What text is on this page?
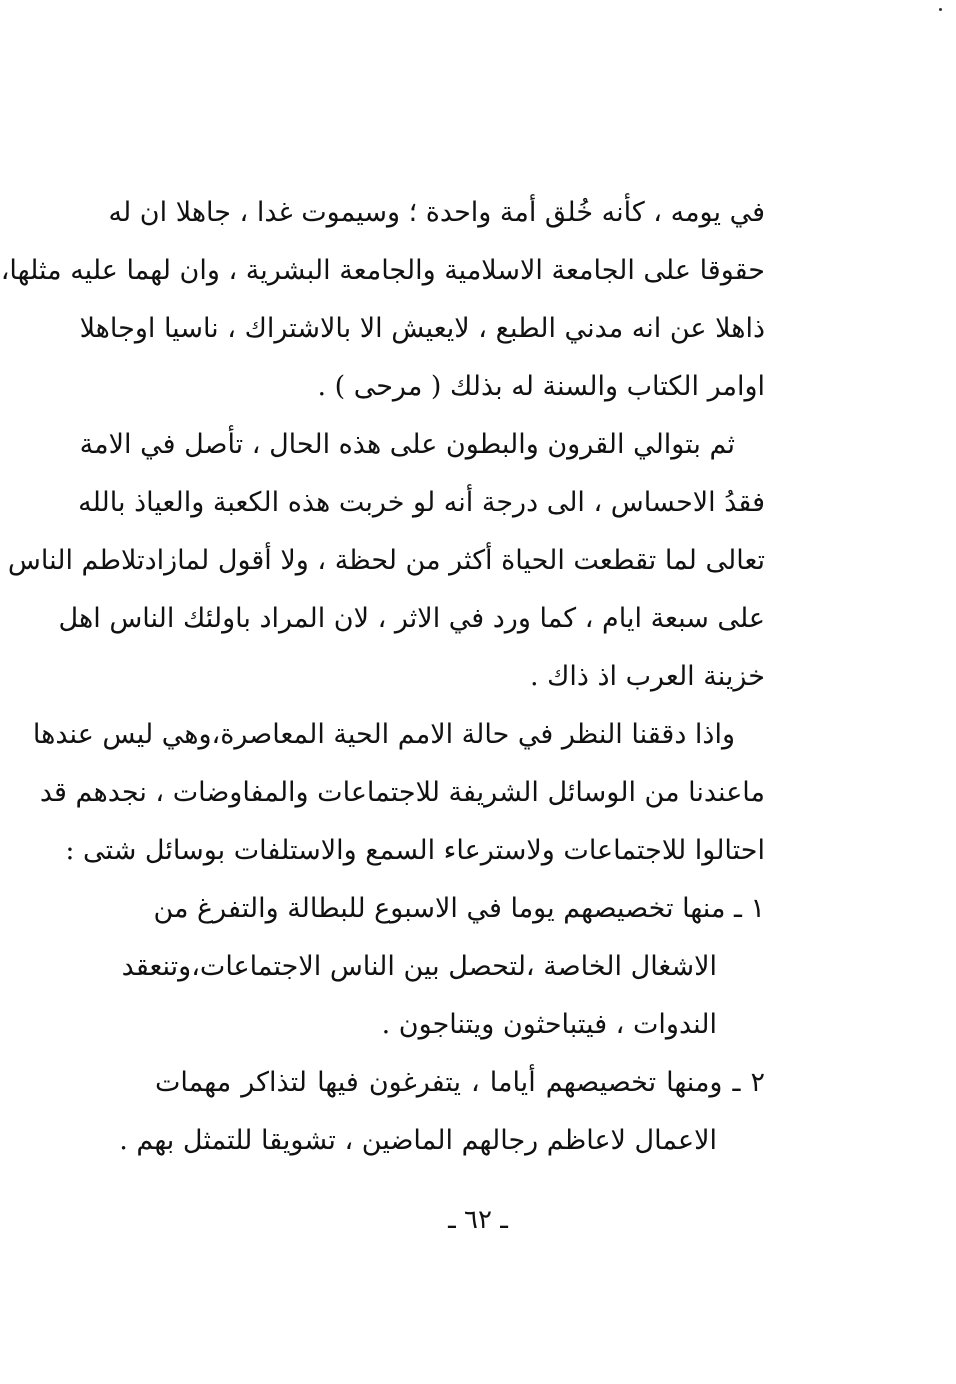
في يومه ، كأنه خُلق أمة واحدة ؛ وسيموت غدا ، جاهلا ان له
حقوقا على الجامعة الاسلامية والجامعة البشرية ، وان لهما عليه مثلها،
ذاهلا عن انه مدني الطبع ، لايعيش الا بالاشتراك ، ناسيا اوجاهلا
اوامر الكتاب والسنة له بذلك ( مرحى ) .

ثم بتوالي القرون والبطون على هذه الحال ، تأصل في الامة
فقدُ الاحساس ، الى درجة أنه لو خربت هذه الكعبة والعياذ بالله
تعالى لما تقطعت الحياة أكثر من لحظة ، ولا أقول لمازادتلاطم الناس
على سبعة ايام ، كما ورد في الاثر ، لان المراد باولئك الناس اهل
خزينة العرب اذ ذاك .

واذا دققنا النظر في حالة الامم الحية المعاصرة،وهي ليس عندها
ماعندنا من الوسائل الشريفة للاجتماعات والمفاوضات ، نجدهم قد
احتالوا للاجتماعات ولاسترعاء السمع والاستلفات بوسائل شتى :

١ ـ منها تخصيصهم يوما في الاسبوع للبطالة والتفرغ من
الاشغال الخاصة ،لتحصل بين الناس الاجتماعات،وتنعقد
الندوات ، فيتباحثون ويتناجون .
٢ ـ ومنها تخصيصهم أياما ، يتفرغون فيها لتذاكر مهمات
الاعمال لاعاظم رجالهم الماضين ، تشويقا للتمثل بهم .
ـ ٦٢ ـ
